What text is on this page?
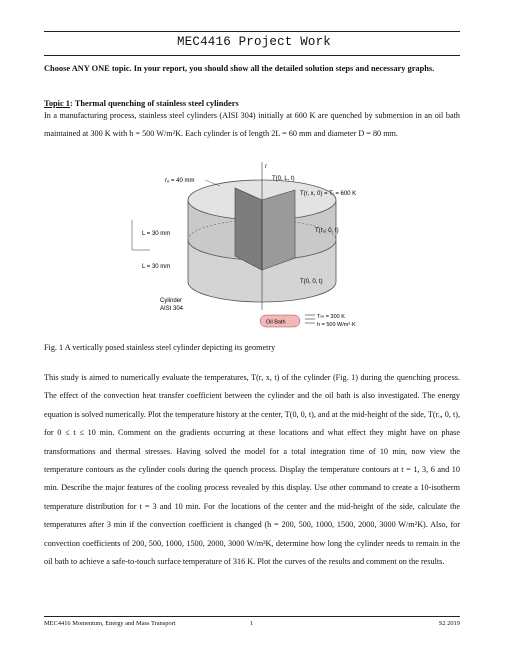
MEC4416 Project Work
Choose ANY ONE topic. In your report, you should show all the detailed solution steps and necessary graphs.
Topic 1: Thermal quenching of stainless steel cylinders
In a manufacturing process, stainless steel cylinders (AISI 304) initially at 600 K are quenched by submersion in an oil bath maintained at 300 K with h = 500 W/m²K. Each cylinder is of length 2L = 60 mm and diameter D = 80 mm.
r
rₒ = 40 mm	T(0, L, t)
T(r, x, 0) = Tᵢ = 600 K
T(rₒ, 0, t)
L = 30 mm
L = 30 mm
T(0, 0, t)
Cylinder
AISI 304
Oil Bath
T∞ = 300 K
h = 500 W/m²·K
Fig. 1 A vertically posed stainless steel cylinder depicting its geometry
This study is aimed to numerically evaluate the temperatures, T(r, x, t) of the cylinder (Fig. 1) during the quenching process. The effect of the convection heat transfer coefficient between the cylinder and the oil bath is also investigated. The energy equation is solved numerically. Plot the temperature history at the center, T(0, 0, t), and at the mid-height of the side, T(rₒ, 0, t), for 0 ≤ t ≤ 10 min. Comment on the gradients occurring at these locations and what effect they might have on phase transformations and thermal stresses. Having solved the model for a total integration time of 10 min, now view the temperature contours as the cylinder cools during the quench process. Display the temperature contours at t = 1, 3, 6 and 10 min. Describe the major features of the cooling process revealed by this display. Use other command to create a 10-isotherm temperature distribution for t = 3 and 10 min. For the locations of the center and the mid-height of the side, calculate the temperatures after 3 min if the convection coefficient is changed (h = 200, 500, 1000, 1500, 2000, 3000 W/m²K). Also, for convection coefficients of 200, 500, 1000, 1500, 2000, 3000 W/m²K, determine how long the cylinder needs to remain in the oil bath to achieve a safe-to-touch surface temperature of 316 K. Plot the curves of the results and comment on the results.
MEC4416 Momentum, Energy and Mass Transport	1	S2 2019
